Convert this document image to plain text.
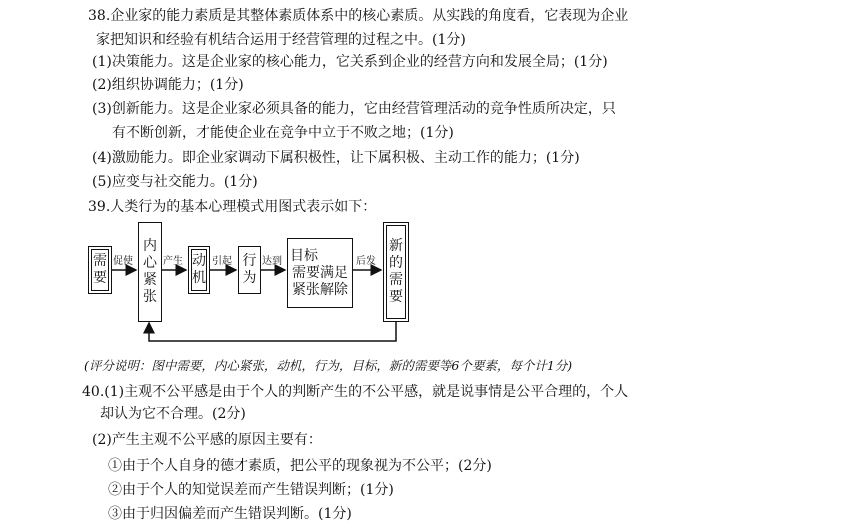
38.企业家的能力素质是其整体素质体系中的核心素质。从实践的角度看，它表现为企业
家把知识和经验有机结合运用于经营管理的过程之中。(1分)
(1)决策能力。这是企业家的核心能力，它关系到企业的经营方向和发展全局；(1分)
(2)组织协调能力；(1分)
(3)创新能力。这是企业家必须具备的能力，它由经营管理活动的竞争性质所决定，只
有不断创新，才能使企业在竞争中立于不败之地；(1分)
(4)激励能力。即企业家调动下属积极性，让下属积极、主动工作的能力；(1分)
(5)应变与社交能力。(1分)
39.人类行为的基本心理模式用图式表示如下：
需要
内心紧张
动机
行为
目标
需要满足
紧张解除
新的需要
促使	产生	引起	达到	后发
(评分说明：图中需要，内心紧张，动机，行为，目标，新的需要等6个要素，每个计1分)
40.(1)主观不公平感是由于个人的判断产生的不公平感，就是说事情是公平合理的，个人
却认为它不合理。(2分)
(2)产生主观不公平感的原因主要有：
①由于个人自身的德才素质，把公平的现象视为不公平；(2分)
②由于个人的知觉误差而产生错误判断；(1分)
③由于归因偏差而产生错误判断。(1分)
